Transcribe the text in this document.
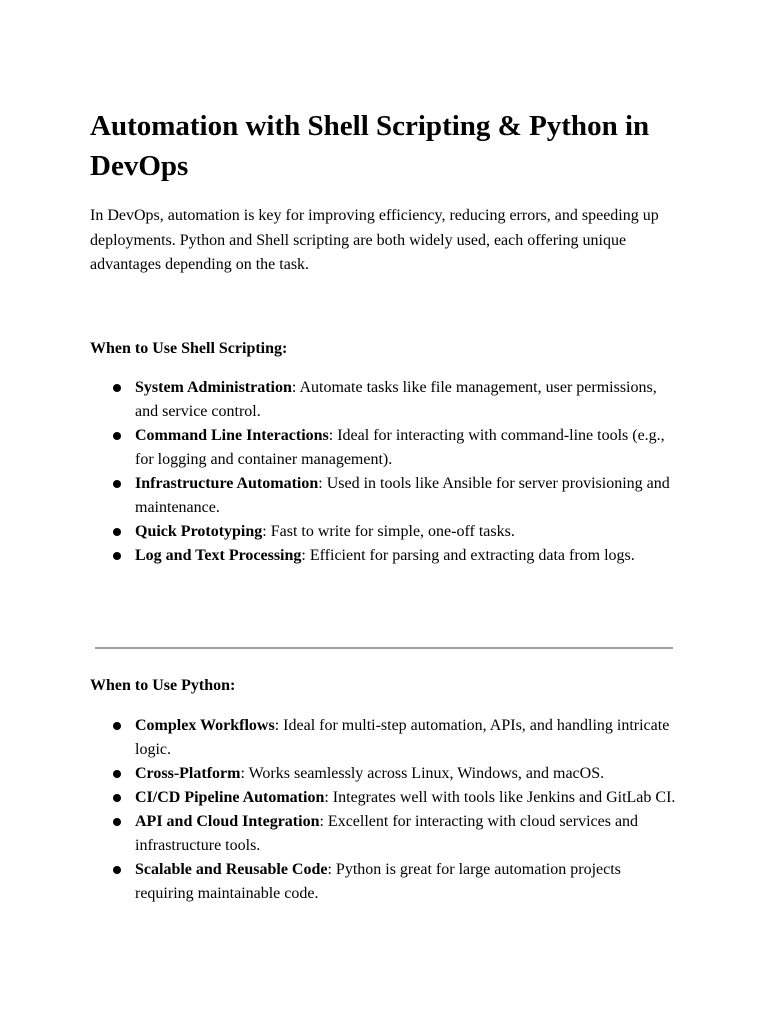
Automation with Shell Scripting & Python in DevOps

In DevOps, automation is key for improving efficiency, reducing errors, and speeding up deployments. Python and Shell scripting are both widely used, each offering unique advantages depending on the task.

When to Use Shell Scripting:
System Administration: Automate tasks like file management, user permissions, and service control.
Command Line Interactions: Ideal for interacting with command-line tools (e.g., for logging and container management).
Infrastructure Automation: Used in tools like Ansible for server provisioning and maintenance.
Quick Prototyping: Fast to write for simple, one-off tasks.
Log and Text Processing: Efficient for parsing and extracting data from logs.
When to Use Python:
Complex Workflows: Ideal for multi-step automation, APIs, and handling intricate logic.
Cross-Platform: Works seamlessly across Linux, Windows, and macOS.
CI/CD Pipeline Automation: Integrates well with tools like Jenkins and GitLab CI.
API and Cloud Integration: Excellent for interacting with cloud services and infrastructure tools.
Scalable and Reusable Code: Python is great for large automation projects requiring maintainable code.
